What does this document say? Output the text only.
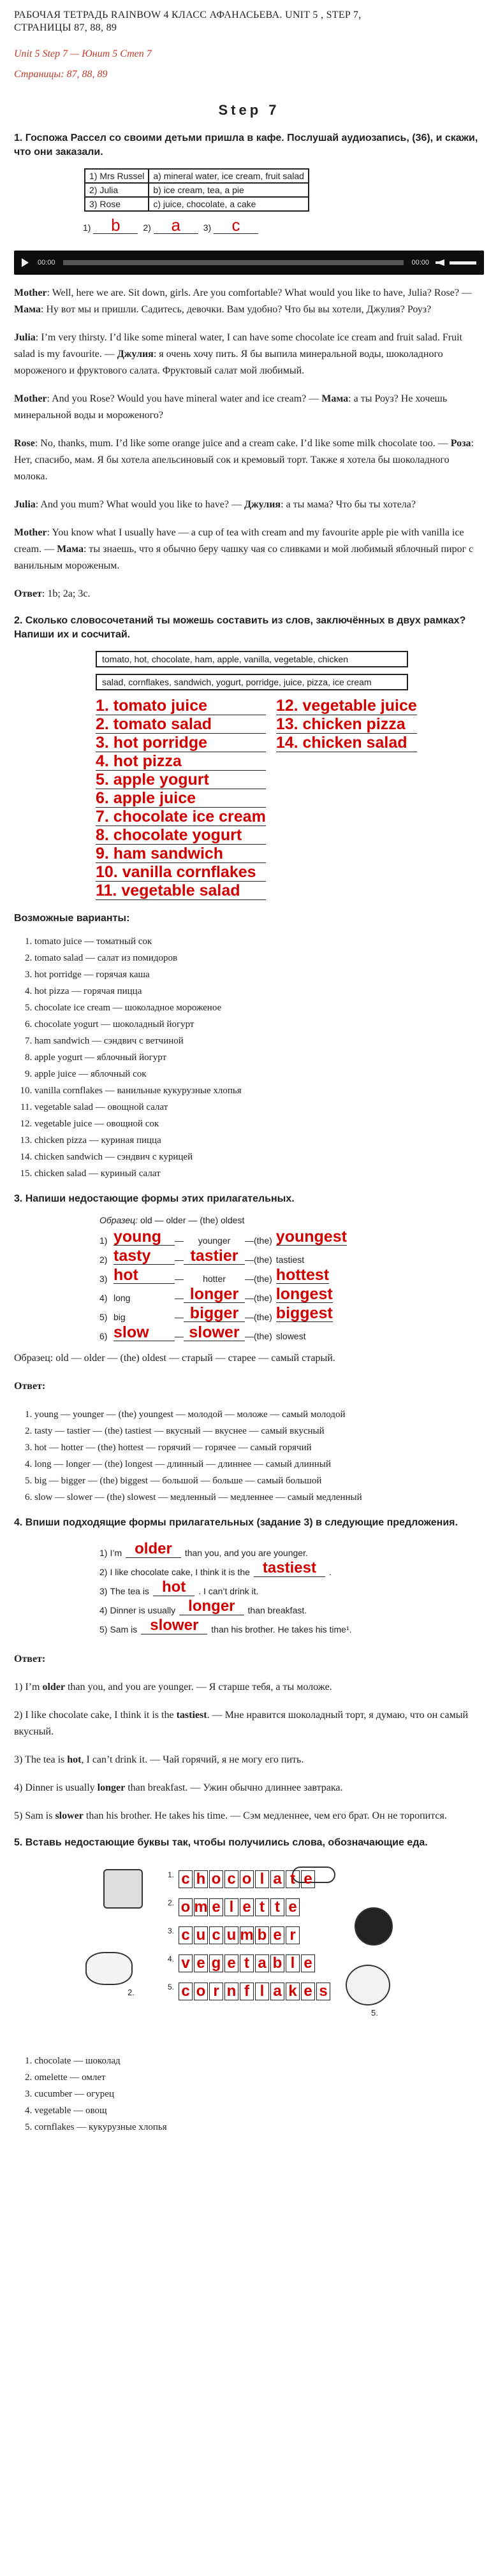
РАБОЧАЯ ТЕТРАДЬ RAINBOW 4 КЛАСС АФАНАСЬЕВА. UNIT 5 , STEP 7,
СТРАНИЦЫ 87, 88, 89
Unit 5 Step 7 — Юнит 5 Степ 7
Страницы: 87, 88, 89
Step 7
1. Госпожа Рассел со своими детьми пришла в кафе. Послушай аудиозапись, (36), и скажи, что они заказали.
1) Mrs Russel	a) mineral water, ice cream, fruit salad
2) Julia	b) ice cream, tea, a pie
3) Rose	c) juice, chocolate, a cake
1) b	2) a	3) c
00:00	00:00

Mother: Well, here we are. Sit down, girls. Are you comfortable? What would you like to have, Julia? Rose? — Мама: Ну вот мы и пришли. Садитесь, девочки. Вам удобно? Что бы вы хотели, Джулия? Роуз?

Julia: I’m very thirsty. I’d like some mineral water, I can have some chocolate ice cream and fruit salad. Fruit salad is my favourite. — Джулия: я очень хочу пить. Я бы выпила минеральной воды, шоколадного мороженого и фруктового салата. Фруктовый салат мой любимый.

Mother: And you Rose? Would you have mineral water and ice cream? — Мама: а ты Роуз? Не хочешь минеральной воды и мороженого?

Rose: No, thanks, mum. I’d like some orange juice and a cream cake. I’d like some milk chocolate too. — Роза: Нет, спасибо, мам. Я бы хотела апельсиновый сок и кремовый торт. Также я хотела бы шоколадного молока.

Julia: And you mum? What would you like to have? — Джулия: а ты мама? Что бы ты хотела?

Mother: You know what I usually have — a cup of tea with cream and my favourite apple pie with vanilla ice cream. — Мама: ты знаешь, что я обычно беру чашку чая со сливками и мой любимый яблочный пирог с ванильным мороженым.

Ответ: 1b; 2a; 3c.

2. Сколько словосочетаний ты можешь составить из слов, заключённых в двух рамках? Напиши их и сосчитай.
tomato, hot, chocolate, ham, apple, vanilla, vegetable, chicken
salad, cornflakes, sandwich, yogurt, porridge, juice, pizza, ice cream
1. tomato juice
2. tomato salad
3. hot porridge
4. hot pizza
5. apple yogurt
6. apple juice
7. chocolate ice cream
8. chocolate yogurt
9. ham sandwich
10. vanilla cornflakes
11. vegetable salad
12. vegetable juice
13. chicken pizza
14. chicken salad
Возможные варианты:
1. tomato juice — томатный сок
2. tomato salad — салат из помидоров
3. hot porridge — горячая каша
4. hot pizza — горячая пицца
5. chocolate ice cream — шоколадное мороженое
6. chocolate yogurt — шоколадный йогурт
7. ham sandwich — сэндвич с ветчиной
8. apple yogurt — яблочный йогурт
9. apple juice — яблочный сок
10. vanilla cornflakes — ванильные кукурузные хлопья
11. vegetable salad — овощной салат
12. vegetable juice — овощной сок
13. chicken pizza — куриная пицца
14. chicken sandwich — сэндвич с курицей
15. chicken salad — куриный салат
3. Напиши недостающие формы этих прилагательных.
Образец: old — older — (the) oldest
1) young	—	younger	— (the) youngest
2) tasty	— tastier — (the) tastiest
3) hot	—	hotter	— (the) hottest
4) long	— longer — (the) longest
5) big	— bigger — (the) biggest
6) slow	— slower — (the) slowest

Образец: old — older — (the) oldest — старый — старее — самый старый.

Ответ:

1. young — younger — (the) youngest — молодой — моложе — самый молодой
2. tasty — tastier — (the) tastiest — вкусный — вкуснее — самый вкусный
3. hot — hotter — (the) hottest — горячий — горячее — самый горячий
4. long — longer — (the) longest — длинный — длиннее — самый длинный
5. big — bigger — (the) biggest — большой — больше — самый большой
6. slow — slower — (the) slowest — медленный — медленнее — самый медленный
4. Впиши подходящие формы прилагательных (задание 3) в следующие предложения.
1) I’m older	than you, and you are younger.
2) I like chocolate cake, I think it is the tastiest	.
3) The tea is hot	. I can’t drink it.
4) Dinner is usually longer	than breakfast.
5) Sam is slower	than his brother. He takes his time¹.

Ответ:

1) I’m older than you, and you are younger. — Я старше тебя, а ты моложе.

2) I like chocolate cake, I think it is the tastiest. — Мне нравится шоколадный торт, я думаю, что он самый вкусный.

3) The tea is hot, I can’t drink it. — Чай горячий, я не могу его пить.

4) Dinner is usually longer than breakfast. — Ужин обычно длиннее завтрака.

5) Sam is slower than his brother. He takes his time. — Сэм медленнее, чем его брат. Он не торопится.

5. Вставь недостающие буквы так, чтобы получились слова, обозначающие еда.
2.
5.
1. c h o c o l a t e
2. o m e l e t t e
3. c u c u m b e r
4. v e g e t a b l e
5. c o r n f l a k e s
1. chocolate — шоколад
2. omelette — омлет
3. cucumber — огурец
4. vegetable — овощ
5. cornflakes — кукурузные хлопья
